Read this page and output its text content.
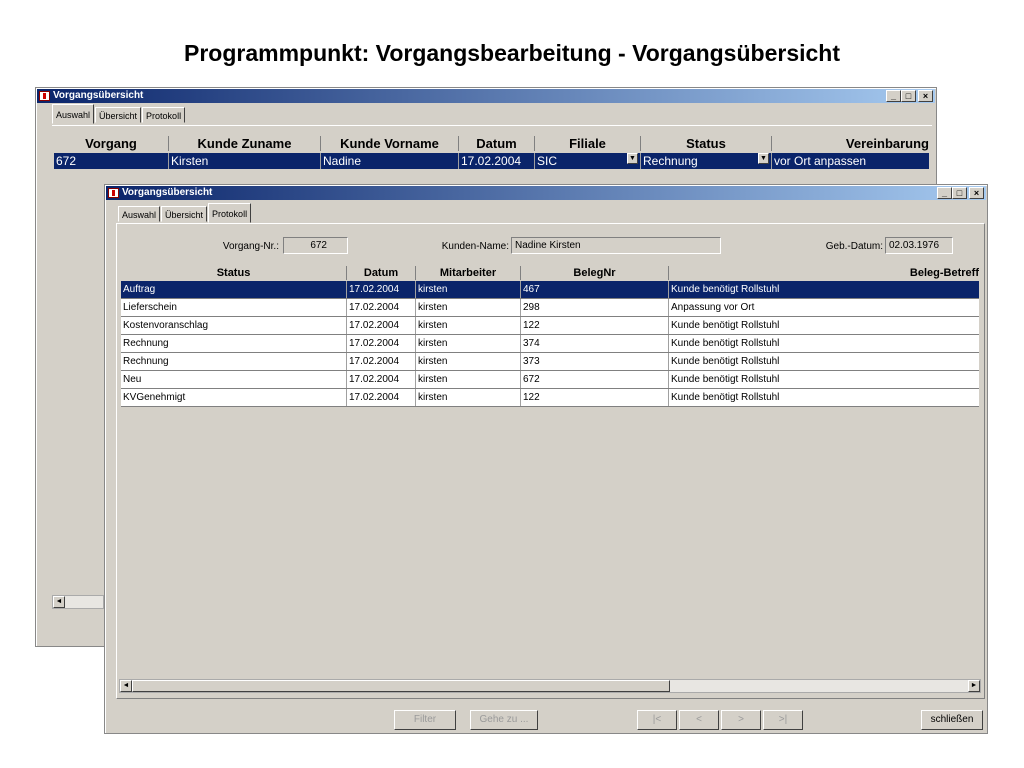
Programmpunkt: Vorgangsbearbeitung - Vorgangsübersicht
Vorgangsübersicht	_	□	×
Auswahl	Übersicht	Protokoll
Vorgang	Kunde Zuname	Kunde Vorname	Datum	Filiale	Status	Vereinbarung
672	Kirsten	Nadine	17.02.2004	SIC	▼ Rechnung	▼ vor Ort anpassen
◄
Vorgangsübersicht	_	□	×
Auswahl	Übersicht	Protokoll
Vorgang-Nr.:	672	Kunden-Name: Nadine Kirsten	Geb.-Datum: 02.03.1976
Status	Datum	Mitarbeiter	BelegNr	Beleg-Betreff
Auftrag	17.02.2004	kirsten	467	Kunde benötigt Rollstuhl
Lieferschein	17.02.2004	kirsten	298	Anpassung vor Ort
Kostenvoranschlag	17.02.2004	kirsten	122	Kunde benötigt Rollstuhl
Rechnung	17.02.2004	kirsten	374	Kunde benötigt Rollstuhl
Rechnung	17.02.2004	kirsten	373	Kunde benötigt Rollstuhl
Neu	17.02.2004	kirsten	672	Kunde benötigt Rollstuhl
KVGenehmigt	17.02.2004	kirsten	122	Kunde benötigt Rollstuhl
◄	►
Filter	Gehe zu ...	|<	<	>	>|	schließen
